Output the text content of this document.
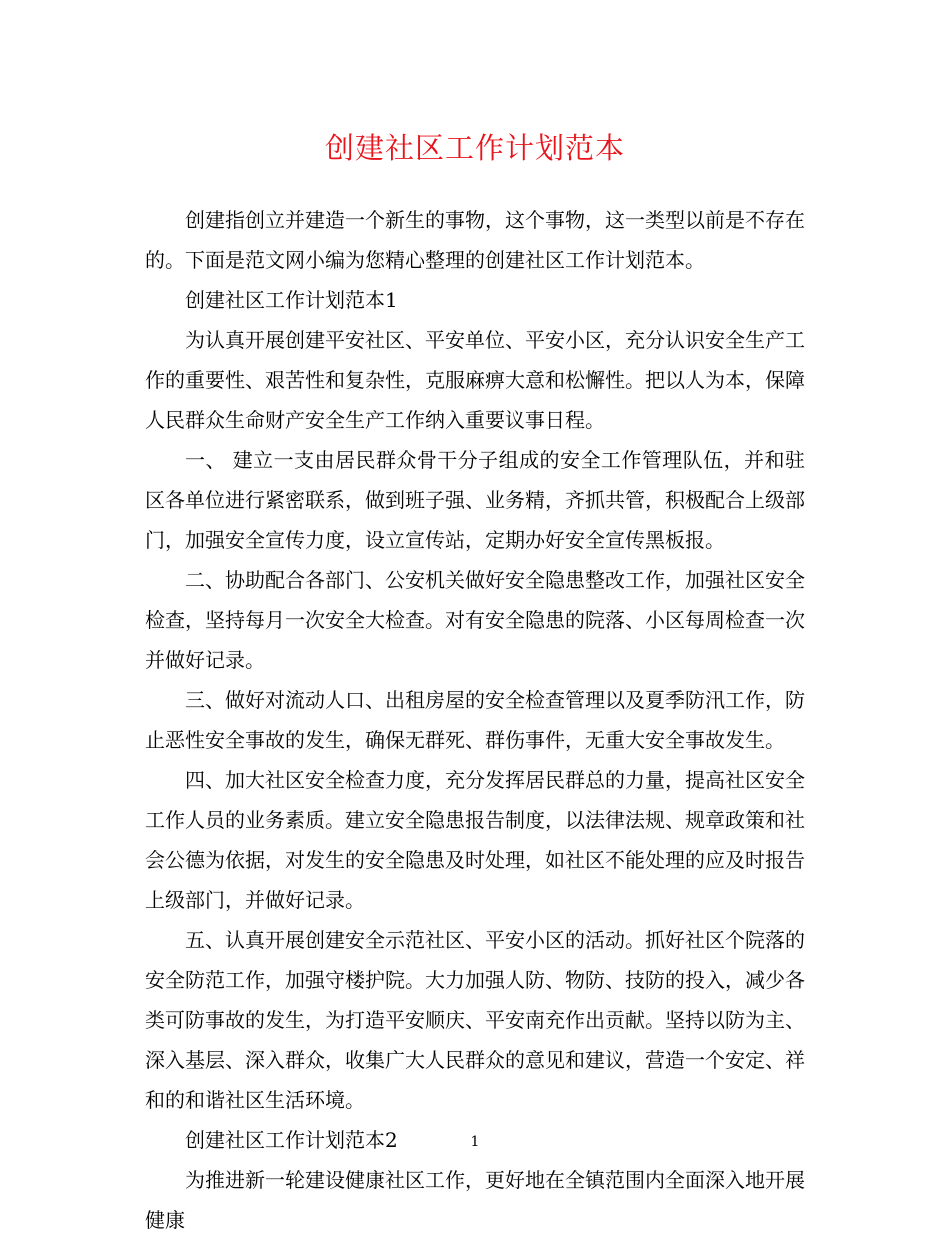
创建社区工作计划范本

创建指创立并建造一个新生的事物，这个事物，这一类型以前是不存在的。下面是范文网小编为您精心整理的创建社区工作计划范本。

创建社区工作计划范本1

为认真开展创建平安社区、平安单位、平安小区，充分认识安全生产工作的重要性、艰苦性和复杂性，克服麻痹大意和松懈性。把以人为本，保障人民群众生命财产安全生产工作纳入重要议事日程。

一、 建立一支由居民群众骨干分子组成的安全工作管理队伍，并和驻区各单位进行紧密联系，做到班子强、业务精，齐抓共管，积极配合上级部门，加强安全宣传力度，设立宣传站，定期办好安全宣传黑板报。

二、协助配合各部门、公安机关做好安全隐患整改工作，加强社区安全检查，坚持每月一次安全大检查。对有安全隐患的院落、小区每周检查一次并做好记录。

三、做好对流动人口、出租房屋的安全检查管理以及夏季防汛工作，防止恶性安全事故的发生，确保无群死、群伤事件，无重大安全事故发生。

四、加大社区安全检查力度，充分发挥居民群总的力量，提高社区安全工作人员的业务素质。建立安全隐患报告制度，以法律法规、规章政策和社会公德为依据，对发生的安全隐患及时处理，如社区不能处理的应及时报告上级部门，并做好记录。

五、认真开展创建安全示范社区、平安小区的活动。抓好社区个院落的安全防范工作，加强守楼护院。大力加强人防、物防、技防的投入，减少各类可防事故的发生，为打造平安顺庆、平安南充作出贡献。坚持以防为主、深入基层、深入群众，收集广大人民群众的意见和建议，营造一个安定、祥和的和谐社区生活环境。

创建社区工作计划范本2

为推进新一轮建设健康社区工作，更好地在全镇范围内全面深入地开展健康

1
